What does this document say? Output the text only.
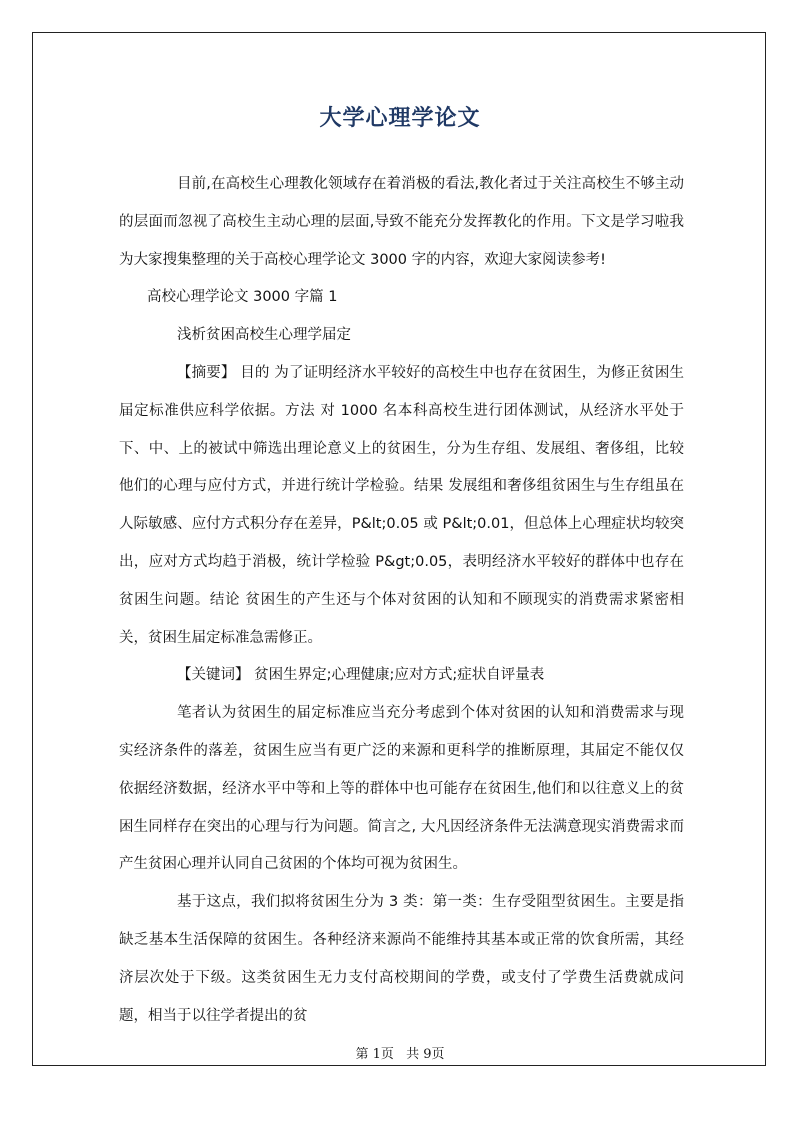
大学心理学论文

目前,在高校生心理教化领域存在着消极的看法,教化者过于关注高校生不够主动的层面而忽视了高校生主动心理的层面,导致不能充分发挥教化的作用。下文是学习啦我为大家搜集整理的关于高校心理学论文 3000 字的内容，欢迎大家阅读参考!

高校心理学论文 3000 字篇 1

浅析贫困高校生心理学届定

【摘要】 目的 为了证明经济水平较好的高校生中也存在贫困生，为修正贫困生届定标准供应科学依据。方法 对 1000 名本科高校生进行团体测试，从经济水平处于下、中、上的被试中筛选出理论意义上的贫困生，分为生存组、发展组、奢侈组，比较他们的心理与应付方式，并进行统计学检验。结果 发展组和奢侈组贫困生与生存组虽在人际敏感、应付方式积分存在差异，P&lt;0.05 或 P&lt;0.01，但总体上心理症状均较突出，应对方式均趋于消极，统计学检验 P&gt;0.05，表明经济水平较好的群体中也存在贫困生问题。结论 贫困生的产生还与个体对贫困的认知和不顾现实的消费需求紧密相关，贫困生届定标准急需修正。

【关键词】 贫困生界定;心理健康;应对方式;症状自评量表

笔者认为贫困生的届定标准应当充分考虑到个体对贫困的认知和消费需求与现实经济条件的落差，贫困生应当有更广泛的来源和更科学的推断原理，其届定不能仅仅依据经济数据，经济水平中等和上等的群体中也可能存在贫困生,他们和以往意义上的贫困生同样存在突出的心理与行为问题。简言之, 大凡因经济条件无法满意现实消费需求而产生贫困心理并认同自己贫困的个体均可视为贫困生。

基于这点，我们拟将贫困生分为 3 类：第一类：生存受阻型贫困生。主要是指缺乏基本生活保障的贫困生。各种经济来源尚不能维持其基本或正常的饮食所需，其经济层次处于下级。这类贫困生无力支付高校期间的学费，或支付了学费生活费就成问题，相当于以往学者提出的贫

第 1页 共 9页
